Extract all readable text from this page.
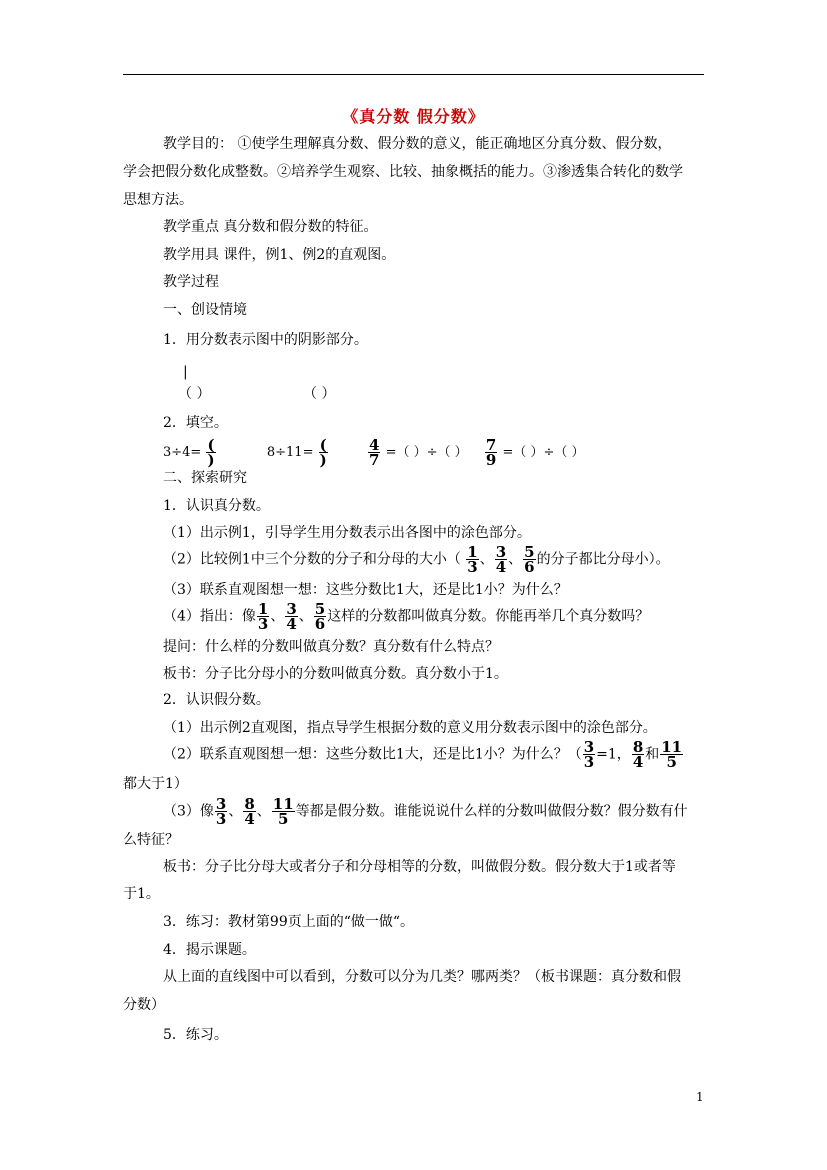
《真分数 假分数》
教学目的： ①使学生理解真分数、假分数的意义，能正确地区分真分数、假分数，
学会把假分数化成整数。②培养学生观察、比较、抽象概括的能力。③渗透集合转化的数学
思想方法。
教学重点 真分数和假分数的特征。
教学用具 课件，例1、例2的直观图。
教学过程
一、创设情境
1．用分数表示图中的阴影部分。
|
（ ）	（ ）
2．填空。
$3\div 4= \frac{(}{)}$	$8\div 11= \frac{(}{)}$
	$\frac{4}{7}$ =（ ）÷（ ） $\frac{7}{9}$ =（ ）÷（ ）
二、探索研究
1．认识真分数。
（1）出示例1，引导学生用分数表示出各图中的涂色部分。
（2）比较例1中三个分数的分子和分母的大小（ $\frac{1}{3}$ 、 $\frac{3}{4}$ 、 $\frac{5}{6}$ 的分子都比分母小）。
（3）联系直观图想一想：这些分数比1大，还是比1小？为什么？
（4）指出：像 $\frac{1}{3}$ 、 $\frac{3}{4}$ 、 $\frac{5}{6}$ 这样的分数都叫做真分数。你能再举几个真分数吗？
提问：什么样的分数叫做真分数？真分数有什么特点？
板书：分子比分母小的分数叫做真分数。真分数小于1。
2．认识假分数。
（1）出示例2直观图，指点导学生根据分数的意义用分数表示图中的涂色部分。
（2）联系直观图想一想：这些分数比1大，还是比1小？为什么？（ $\frac{3}{3} =1$， $\frac{8}{4}$ 和 $\frac{11}{5}$
都大于1）
（3）像 $\frac{3}{3}$ 、 $\frac{8}{4}$ 、 $\frac{11}{5}$ 等都是假分数。谁能说说什么样的分数叫做假分数？假分数有什
么特征？
板书：分子比分母大或者分子和分母相等的分数，叫做假分数。假分数大于1或者等
于1。
3．练习：教材第99页上面的“做一做“。
4．揭示课题。
从上面的直线图中可以看到，分数可以分为几类？哪两类？（板书课题：真分数和假
分数）
5．练习。
1
